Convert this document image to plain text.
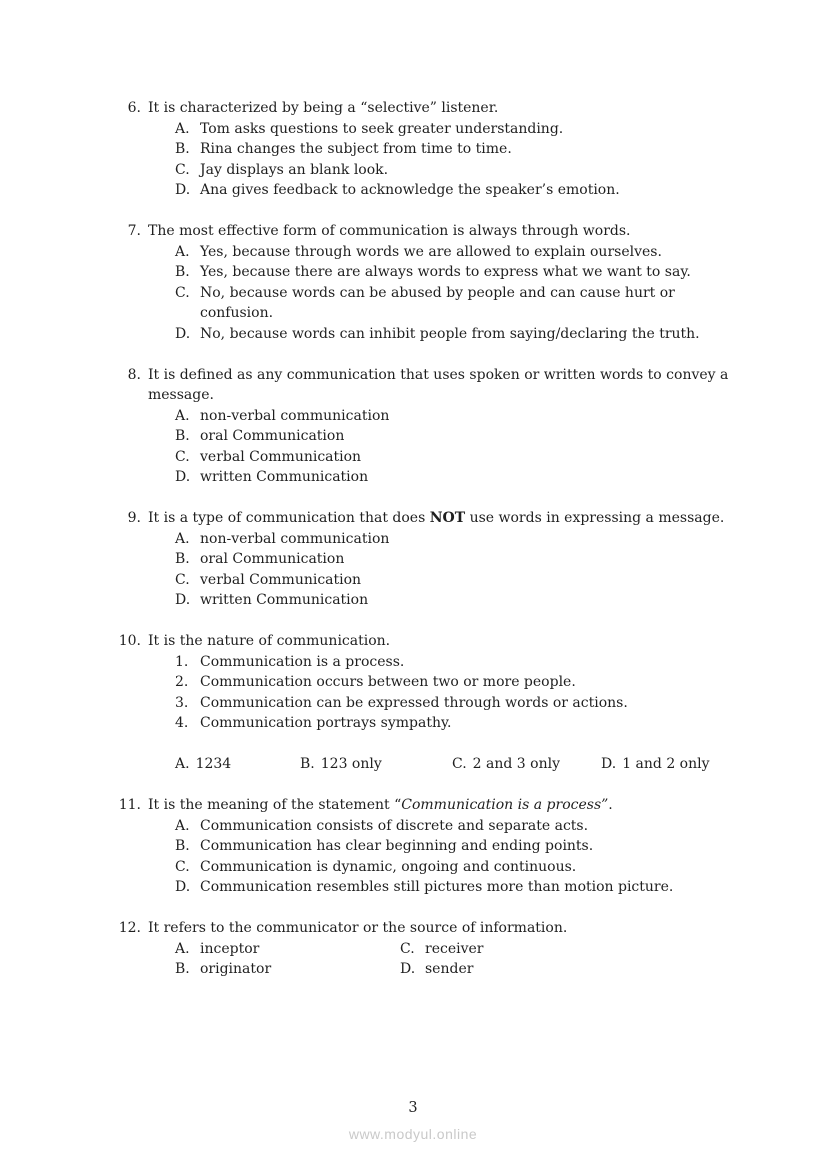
6. It is characterized by being a “selective” listener.
A. Tom asks questions to seek greater understanding.
B. Rina changes the subject from time to time.
C. Jay displays an blank look.
D. Ana gives feedback to acknowledge the speaker’s emotion.
7. The most effective form of communication is always through words.
A. Yes, because through words we are allowed to explain ourselves.
B. Yes, because there are always words to express what we want to say.
C. No, because words can be abused by people and can cause hurt or confusion.
D. No, because words can inhibit people from saying/declaring the truth.
8. It is defined as any communication that uses spoken or written words to convey a message.
A. non-verbal communication
B. oral Communication
C. verbal Communication
D. written Communication
9. It is a type of communication that does NOT use words in expressing a message.
A. non-verbal communication
B. oral Communication
C. verbal Communication
D. written Communication
10. It is the nature of communication.
1. Communication is a process.
2. Communication occurs between two or more people.
3. Communication can be expressed through words or actions.
4. Communication portrays sympathy.
A. 1234	B. 123 only	C. 2 and 3 only	D. 1 and 2 only
11. It is the meaning of the statement “Communication is a process”.
A. Communication consists of discrete and separate acts.
B. Communication has clear beginning and ending points.
C. Communication is dynamic, ongoing and continuous.
D. Communication resembles still pictures more than motion picture.
12. It refers to the communicator or the source of information.
A. inceptor	C. receiver
B. originator	D. sender
3
www.modyul.online
